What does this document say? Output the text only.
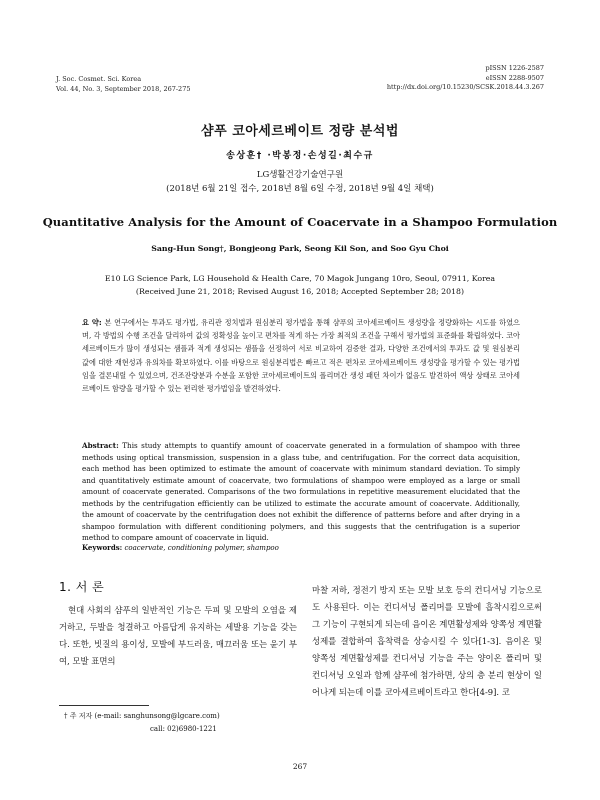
J. Soc. Cosmet. Sci. Korea
Vol. 44, No. 3, September 2018, 267-275
pISSN 1226-2587
eISSN 2288-9507
http://dx.doi.org/10.15230/SCSK.2018.44.3.267
샴푸 코아세르베이트 정량 분석법
송상훈† ·박봉정·손성길·최수규
LG생활건강기술연구원
(2018년 6월 21일 접수, 2018년 8월 6일 수정, 2018년 9월 4일 채택)
Quantitative Analysis for the Amount of Coacervate in a Shampoo Formulation
Sang-Hun Song†, Bongjeong Park, Seong Kil Son, and Soo Gyu Choi
E10 LG Science Park, LG Household & Health Care, 70 Magok Jungang 10ro, Seoul, 07911, Korea
(Received June 21, 2018; Revised August 16, 2018; Accepted September 28; 2018)
요 약: 본 연구에서는 투과도 평가법, 유리관 정치법과 원심분리 평가법을 통해 샴푸의 코아세르베이트 생성량을 정량화하는 시도를 하였으며, 각 방법의 수행 조건을 달리하여 값의 정확성을 높이고 편차를 적게 하는 가장 최적의 조건을 구해서 평가법의 표준화를 확립하였다. 코아세르베이트가 많이 생성되는 샘플과 적게 생성되는 샘플을 선정하여 서로 비교하여 검증한 결과, 다양한 조건에서의 투과도 값 및 원심분리 값에 대한 재현성과 유의차를 확보하였다. 이를 바탕으로 원심분리법은 빠르고 적은 편차로 코아세르베이트 생성량을 평가할 수 있는 평가법임을 결론내릴 수 있었으며, 건조잔량분과 수분을 포함한 코아세르베이트의 폴리머간 생성 패턴 차이가 없음도 발견하여 액상 상태로 코아세르베이트 함량을 평가할 수 있는 편리한 평가법임을 발견하였다.
Abstract: This study attempts to quantify amount of coacervate generated in a formulation of shampoo with three methods using optical transmission, suspension in a glass tube, and centrifugation. For the correct data acquisition, each method has been optimized to estimate the amount of coacervate with minimum standard deviation. To simply and quantitatively estimate amount of coacervate, two formulations of shampoo were employed as a large or small amount of coacervate generated. Comparisons of the two formulations in repetitive measurement elucidated that the methods by the centrifugation efficiently can be utilized to estimate the accurate amount of coacervate. Additionally, the amount of coacervate by the centrifugation does not exhibit the difference of patterns before and after drying in a shampoo formulation with different conditioning polymers, and this suggests that the centrifugation is a superior method to compare amount of coacervate in liquid.
Keywords: coacervate, conditioning polymer, shampoo
1. 서 론
현대 사회의 샴푸의 일반적인 기능은 두피 및 모발의 오염을 제거하고, 두발을 청결하고 아름답게 유지하는 세발용 기능을 갖는다. 또한, 빗질의 용이성, 모발에 부드러움, 매끄러움 또는 윤기 부여, 모발 표면의
마찰 저하, 정전기 방지 또는 모발 보호 등의 컨디셔닝 기능으로도 사용된다. 이는 컨디셔닝 폴리머를 모발에 흡착시킴으로써 그 기능이 구현되게 되는데 음이온 계면활성제와 양쪽성 계면활성제를 결합하여 흡착력을 상승시킬 수 있다[1-3]. 음이온 및 양쪽성 계면활성제를 컨디셔닝 기능을 주는 양이온 폴리머 및 컨디셔닝 오일과 함께 샴푸에 첨가하면, 상의 층 분리 현상이 일어나게 되는데 이를 코아세르베이트라고 한다[4-9]. 코
† 주 저자 (e-mail: sanghunsong@lgcare.com)
call: 02)6980-1221
267
